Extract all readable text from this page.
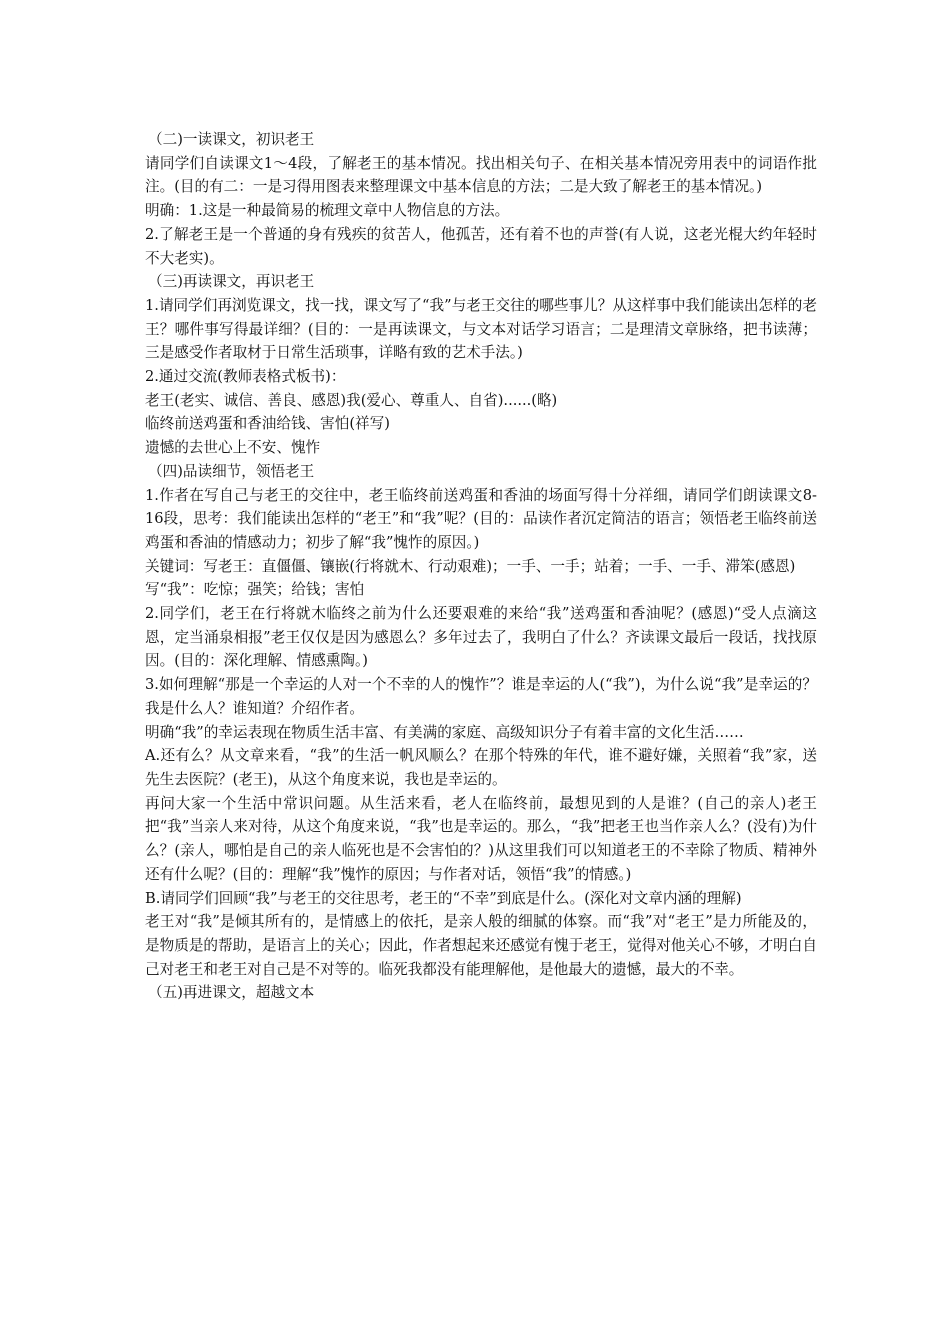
（二)一读课文，初识老王

请同学们自读课文1～4段，了解老王的基本情况。找出相关句子、在相关基本情况旁用表中的词语作批注。(目的有二：一是习得用图表来整理课文中基本信息的方法；二是大致了解老王的基本情况。)

明确：1.这是一种最简易的梳理文章中人物信息的方法。

2.了解老王是一个普通的身有残疾的贫苦人，他孤苦，还有着不也的声誉(有人说，这老光棍大约年轻时不大老实)。

（三)再读课文，再识老王

1.请同学们再浏览课文，找一找，课文写了“我”与老王交往的哪些事儿？从这样事中我们能读出怎样的老王？哪件事写得最详细？(目的：一是再读课文，与文本对话学习语言；二是理清文章脉络，把书读薄；三是感受作者取材于日常生活琐事，详略有致的艺术手法。)

2.通过交流(教师表格式板书)：

老王(老实、诚信、善良、感恩)我(爱心、尊重人、自省)......(略)

临终前送鸡蛋和香油给钱、害怕(祥写)

遗憾的去世心上不安、愧怍

（四)品读细节，领悟老王

1.作者在写自己与老王的交往中，老王临终前送鸡蛋和香油的场面写得十分祥细，请同学们朗读课文8-16段，思考：我们能读出怎样的“老王”和“我”呢？(目的：品读作者沉定简洁的语言；领悟老王临终前送鸡蛋和香油的情感动力；初步了解“我”愧怍的原因。)

关键词：写老王：直僵僵、镶嵌(行将就木、行动艰难)；一手、一手；站着；一手、一手、滞笨(感恩)

写“我”：吃惊；强笑；给钱；害怕

2.同学们，老王在行将就木临终之前为什么还要艰难的来给“我”送鸡蛋和香油呢？(感恩)“受人点滴这恩，定当涌泉相报”老王仅仅是因为感恩么？多年过去了，我明白了什么？齐读课文最后一段话，找找原因。(目的：深化理解、情感熏陶。)

3.如何理解“那是一个幸运的人对一个不幸的人的愧怍”？谁是幸运的人(“我”)，为什么说“我”是幸运的？我是什么人？谁知道？介绍作者。

明确“我”的幸运表现在物质生活丰富、有美满的家庭、高级知识分子有着丰富的文化生活……

A.还有么？从文章来看，“我”的生活一帆风顺么？在那个特殊的年代，谁不避好嫌，关照着“我”家，送先生去医院？(老王)，从这个角度来说，我也是幸运的。

再问大家一个生活中常识问题。从生活来看，老人在临终前，最想见到的人是谁？(自己的亲人)老王把“我”当亲人来对待，从这个角度来说，“我”也是幸运的。那么，“我”把老王也当作亲人么？(没有)为什么？(亲人，哪怕是自己的亲人临死也是不会害怕的？)从这里我们可以知道老王的不幸除了物质、精神外还有什么呢？(目的：理解“我”愧怍的原因；与作者对话，领悟“我”的情感。)

B.请同学们回顾“我”与老王的交往思考，老王的“不幸”到底是什么。(深化对文章内涵的理解)

老王对“我”是倾其所有的，是情感上的依托，是亲人般的细腻的体察。而“我”对“老王”是力所能及的，是物质是的帮助，是语言上的关心；因此，作者想起来还感觉有愧于老王，觉得对他关心不够，才明白自己对老王和老王对自己是不对等的。临死我都没有能理解他，是他最大的遗憾，最大的不幸。

（五)再进课文，超越文本
